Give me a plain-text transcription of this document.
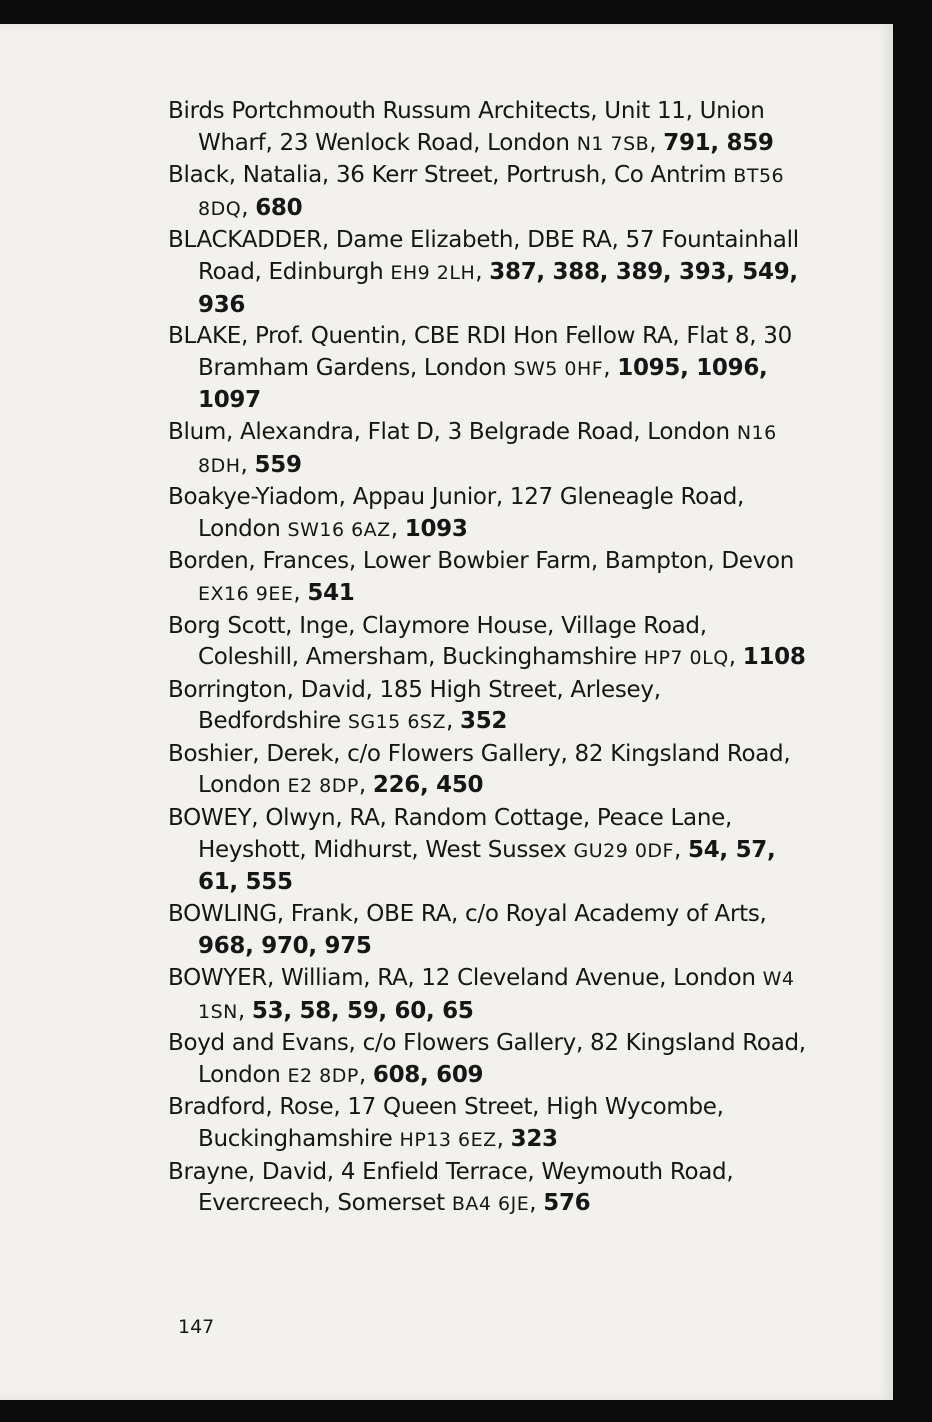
Birds Portchmouth Russum Architects, Unit 11, Union Wharf, 23 Wenlock Road, London N1 7SB, 791, 859

Black, Natalia, 36 Kerr Street, Portrush, Co Antrim BT56 8DQ, 680

BLACKADDER, Dame Elizabeth, DBE RA, 57 Fountainhall Road, Edinburgh EH9 2LH, 387, 388, 389, 393, 549, 936

BLAKE, Prof. Quentin, CBE RDI Hon Fellow RA, Flat 8, 30 Bramham Gardens, London SW5 0HF, 1095, 1096, 1097

Blum, Alexandra, Flat D, 3 Belgrade Road, London N16 8DH, 559

Boakye-Yiadom, Appau Junior, 127 Gleneagle Road, London SW16 6AZ, 1093

Borden, Frances, Lower Bowbier Farm, Bampton, Devon EX16 9EE, 541

Borg Scott, Inge, Claymore House, Village Road, Coleshill, Amersham, Buckinghamshire HP7 0LQ, 1108

Borrington, David, 185 High Street, Arlesey, Bedfordshire SG15 6SZ, 352

Boshier, Derek, c/o Flowers Gallery, 82 Kingsland Road, London E2 8DP, 226, 450

BOWEY, Olwyn, RA, Random Cottage, Peace Lane, Heyshott, Midhurst, West Sussex GU29 0DF, 54, 57, 61, 555

BOWLING, Frank, OBE RA, c/o Royal Academy of Arts, 968, 970, 975

BOWYER, William, RA, 12 Cleveland Avenue, London W4 1SN, 53, 58, 59, 60, 65

Boyd and Evans, c/o Flowers Gallery, 82 Kingsland Road, London E2 8DP, 608, 609

Bradford, Rose, 17 Queen Street, High Wycombe, Buckinghamshire HP13 6EZ, 323

Brayne, David, 4 Enfield Terrace, Weymouth Road, Evercreech, Somerset BA4 6JE, 576

147
